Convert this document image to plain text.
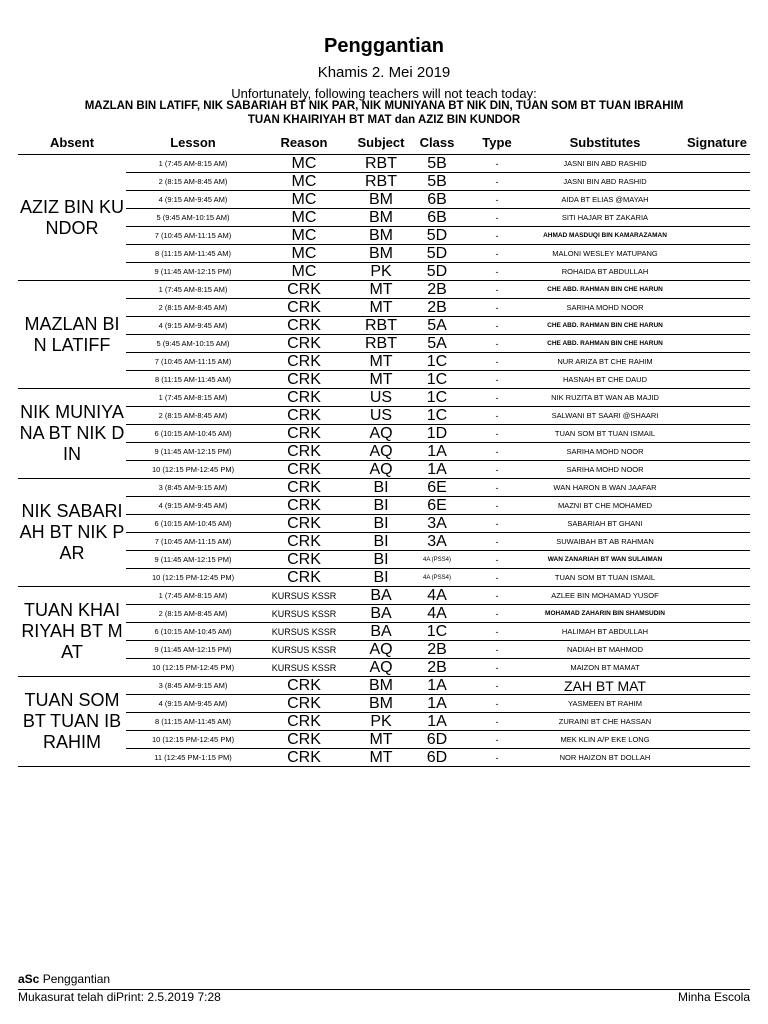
Penggantian
Khamis 2. Mei 2019
Unfortunately, following teachers will not teach today:
MAZLAN BIN LATIFF, NIK SABARIAH BT NIK PAR, NIK MUNIYANA BT NIK DIN, TUAN SOM BT TUAN IBRAHIM
TUAN KHAIRIYAH BT MAT dan AZIZ BIN KUNDOR
Absent	Lesson	Reason	Subject	Class	Type	Substitutes	Signature
AZIZ BIN KUNDOR
1 (7:45 AM-8:15 AM)	MC	RBT	5B	-	JASNI BIN ABD RASHID
2 (8:15 AM-8:45 AM)	MC	RBT	5B	-	JASNI BIN ABD RASHID
4 (9:15 AM-9:45 AM)	MC	BM	6B	-	AIDA BT ELIAS @MAYAH
5 (9:45 AM-10:15 AM)	MC	BM	6B	-	SITI HAJAR BT ZAKARIA
7 (10:45 AM-11:15 AM)	MC	BM	5D	-	AHMAD MASDUQI BIN KAMARAZAMAN
8 (11:15 AM-11:45 AM)	MC	BM	5D	-	MALONI WESLEY MATUPANG
9 (11:45 AM-12:15 PM)	MC	PK	5D	-	ROHAIDA BT ABDULLAH
MAZLAN BIN LATIFF
1 (7:45 AM-8:15 AM)	CRK	MT	2B	-	CHE ABD. RAHMAN BIN CHE HARUN
2 (8:15 AM-8:45 AM)	CRK	MT	2B	-	SARIHA MOHD NOOR
4 (9:15 AM-9:45 AM)	CRK	RBT	5A	-	CHE ABD. RAHMAN BIN CHE HARUN
5 (9:45 AM-10:15 AM)	CRK	RBT	5A	-	CHE ABD. RAHMAN BIN CHE HARUN
7 (10:45 AM-11:15 AM)	CRK	MT	1C	-	NUR ARIZA BT CHE RAHIM
8 (11:15 AM-11:45 AM)	CRK	MT	1C	-	HASNAH BT CHE DAUD
NIK MUNIYANA BT NIK DIN
1 (7:45 AM-8:15 AM)	CRK	US	1C	-	NIK RUZITA BT WAN AB MAJID
2 (8:15 AM-8:45 AM)	CRK	US	1C	-	SALWANI BT SAARI @SHAARI
6 (10:15 AM-10:45 AM)	CRK	AQ	1D	-	TUAN SOM BT TUAN ISMAIL
9 (11:45 AM-12:15 PM)	CRK	AQ	1A	-	SARIHA MOHD NOOR
10 (12:15 PM-12:45 PM)	CRK	AQ	1A	-	SARIHA MOHD NOOR
NIK SABARIAH BT NIK PAR
3 (8:45 AM-9:15 AM)	CRK	BI	6E	-	WAN HARON B WAN JAAFAR
4 (9:15 AM-9:45 AM)	CRK	BI	6E	-	MAZNI BT CHE MOHAMED
6 (10:15 AM-10:45 AM)	CRK	BI	3A	-	SABARIAH BT GHANI
7 (10:45 AM-11:15 AM)	CRK	BI	3A	-	SUWAIBAH BT AB RAHMAN
9 (11:45 AM-12:15 PM)	CRK	BI	4A (PSS4)	-	WAN ZANARIAH BT WAN SULAIMAN
10 (12:15 PM-12:45 PM)	CRK	BI	4A (PSS4)	-	TUAN SOM BT TUAN ISMAIL
TUAN KHAIRIYAH BT MAT
1 (7:45 AM-8:15 AM)	KURSUS KSSR	BA	4A	-	AZLEE BIN MOHAMAD YUSOF
2 (8:15 AM-8:45 AM)	KURSUS KSSR	BA	4A	-	MOHAMAD ZAHARIN BIN SHAMSUDIN
6 (10:15 AM-10:45 AM)	KURSUS KSSR	BA	1C	-	HALIMAH BT ABDULLAH
9 (11:45 AM-12:15 PM)	KURSUS KSSR	AQ	2B	-	NADIAH BT MAHMOD
10 (12:15 PM-12:45 PM)	KURSUS KSSR	AQ	2B	-	MAIZON BT MAMAT
TUAN SOM BT TUAN IBRAHIM
3 (8:45 AM-9:15 AM)	CRK	BM	1A	-	ZAH BT MAT
4 (9:15 AM-9:45 AM)	CRK	BM	1A	-	YASMEEN BT RAHIM
8 (11:15 AM-11:45 AM)	CRK	PK	1A	-	ZURAINI BT CHE HASSAN
10 (12:15 PM-12:45 PM)	CRK	MT	6D	-	MEK KLIN A/P EKE LONG
11 (12:45 PM-1:15 PM)	CRK	MT	6D	-	NOR HAIZON BT DOLLAH
aSc Penggantian
Mukasurat telah diPrint: 2.5.2019 7:28	Minha Escola
